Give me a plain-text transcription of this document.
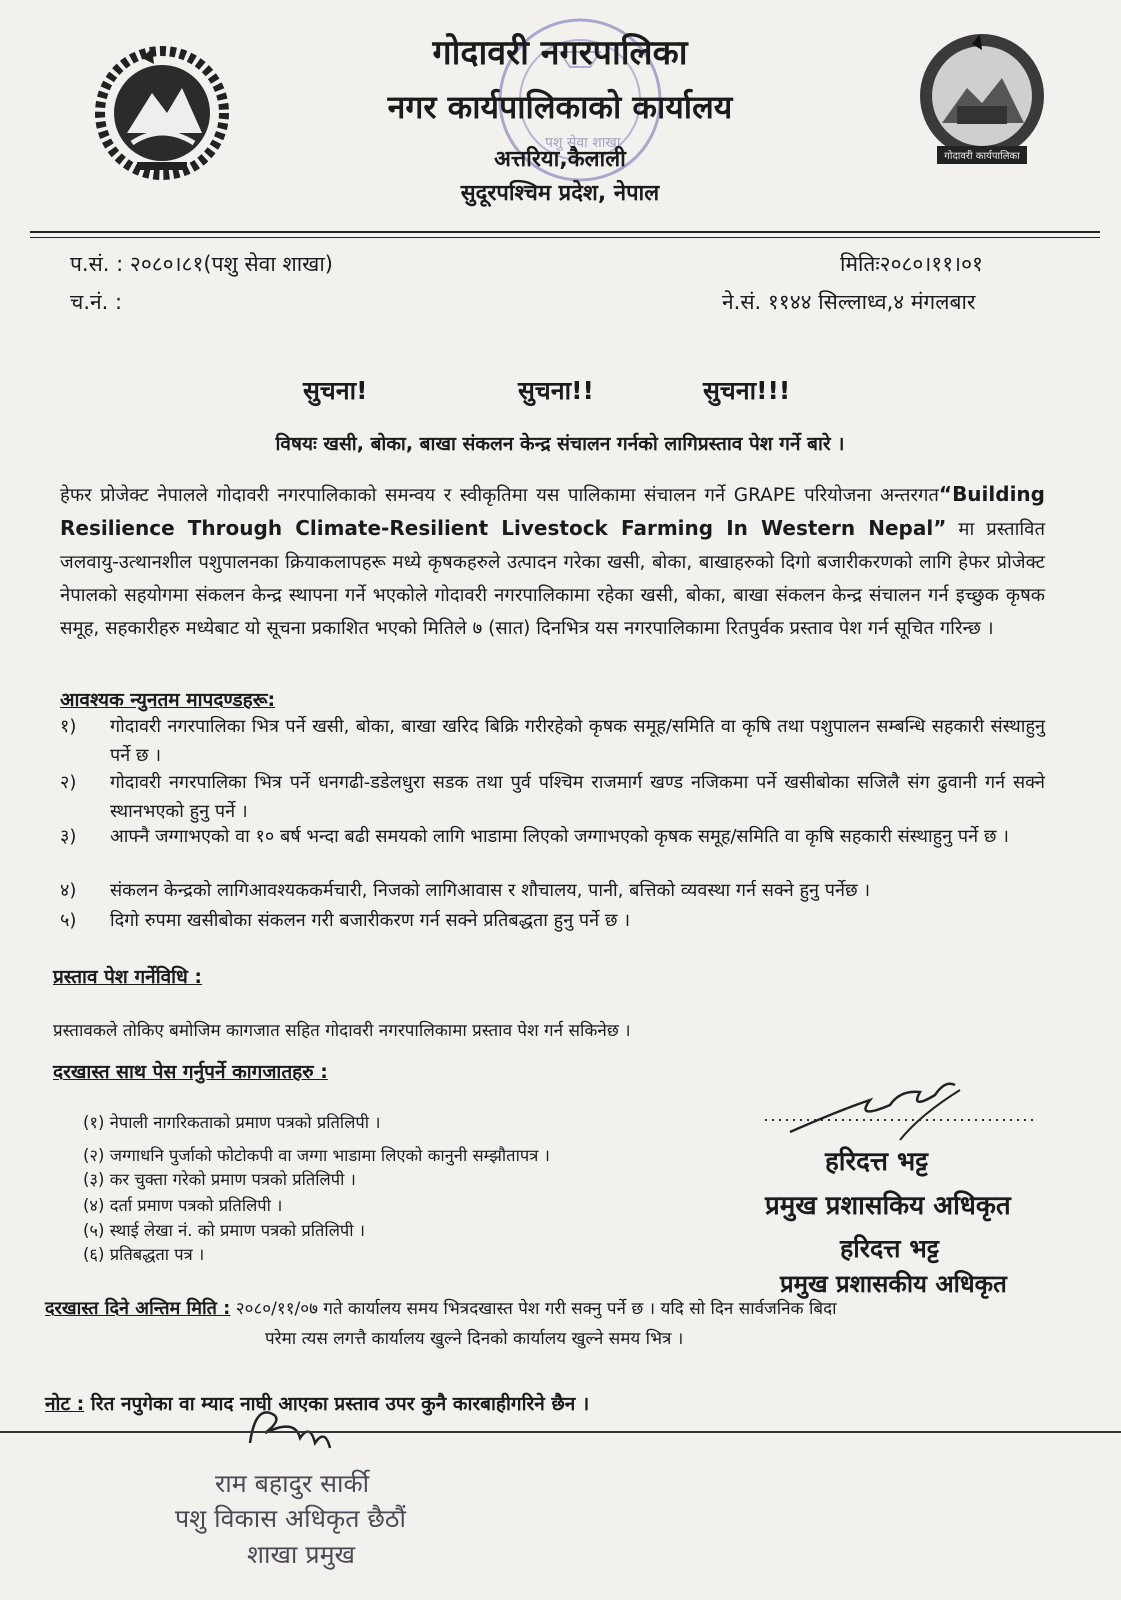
पशु सेवा शाखा
गोदावरी कार्यपालिका
गोदावरी नगरपालिका
नगर कार्यपालिकाको कार्यालय
अत्तरिया,कैलाली
सुदूरपश्चिम प्रदेश, नेपाल
प.सं. : २०८०।८१(पशु सेवा शाखा)
च.नं. :
मितिः२०८०।११।०१
ने.सं. ११४४ सिल्लाध्व,४ मंगलबार
सुचना!	सुचना!!	सुचना!!!
विषयः खसी, बोका, बाखा संकलन केन्द्र संचालन गर्नको लागिप्रस्ताव पेश गर्ने बारे ।
हेफर प्रोजेक्ट नेपालले गोदावरी नगरपालिकाको समन्वय र स्वीकृतिमा यस पालिकामा संचालन गर्ने GRAPE परियोजना अन्तरगत“Building Resilience Through Climate-Resilient Livestock Farming In Western Nepal” मा प्रस्तावित जलवायु-उत्थानशील पशुपालनका क्रियाकलापहरू मध्ये कृषकहरुले उत्पादन गरेका खसी, बोका, बाखाहरुको दिगो बजारीकरणको लागि हेफर प्रोजेक्ट नेपालको सहयोगमा संकलन केन्द्र स्थापना गर्ने भएकोले गोदावरी नगरपालिकामा रहेका खसी, बोका, बाखा संकलन केन्द्र संचालन गर्न इच्छुक कृषक समूह, सहकारीहरु मध्येबाट यो सूचना प्रकाशित भएको मितिले ७ (सात) दिनभित्र यस नगरपालिकामा रितपुर्वक प्रस्ताव पेश गर्न सूचित गरिन्छ ।
आवश्यक न्युनतम मापदण्डहरू:
१)	गोदावरी नगरपालिका भित्र पर्ने खसी, बोका, बाखा खरिद बिक्रि गरीरहेको कृषक समूह/समिति वा कृषि तथा पशुपालन सम्बन्धि सहकारी संस्थाहुनु पर्ने छ ।
२)	गोदावरी नगरपालिका भित्र पर्ने धनगढी-डडेलधुरा सडक तथा पुर्व पश्चिम राजमार्ग खण्ड नजिकमा पर्ने खसीबोका सजिलै संग ढुवानी गर्न सक्ने स्थानभएको हुनु पर्ने ।
३)	आफ्नै जग्गाभएको वा १० बर्ष भन्दा बढी समयको लागि भाडामा लिएको जग्गाभएको कृषक समूह/समिति वा कृषि सहकारी संस्थाहुनु पर्ने छ ।
४)	संकलन केन्द्रको लागिआवश्यककर्मचारी, निजको लागिआवास र शौचालय, पानी, बत्तिको व्यवस्था गर्न सक्ने हुनु पर्नेछ ।
५)	दिगो रुपमा खसीबोका संकलन गरी बजारीकरण गर्न सक्ने प्रतिबद्धता हुनु पर्ने छ ।
प्रस्ताव पेश गर्नेविधि :
प्रस्तावकले तोकिए बमोजिम कागजात सहित गोदावरी नगरपालिकामा प्रस्ताव पेश गर्न सकिनेछ ।
दरखास्त साथ पेस गर्नुपर्ने कागजातहरु :
(१) नेपाली नागरिकताको प्रमाण पत्रको प्रतिलिपी ।
(२) जग्गाधनि पुर्जाको फोटोकपी वा जग्गा भाडामा लिएको कानुनी सम्झौतापत्र ।
(३) कर चुक्ता गरेको प्रमाण पत्रको प्रतिलिपी ।
(४) दर्ता प्रमाण पत्रको प्रतिलिपी ।
(५) स्थाई लेखा नं. को प्रमाण पत्रको प्रतिलिपी ।
(६) प्रतिबद्धता पत्र ।
हरिदत्त भट्ट
प्रमुख प्रशासकिय अधिकृत
हरिदत्त भट्ट
प्रमुख प्रशासकीय अधिकृत
दरखास्त दिने अन्तिम मिति : २०८०/११/०७ गते कार्यालय समय भित्रदखास्त पेश गरी सक्नु पर्ने छ । यदि सो दिन सार्वजनिक बिदा
परेमा त्यस लगत्तै कार्यालय खुल्ने दिनको कार्यालय खुल्ने समय भित्र ।
नोट : रित नपुगेका वा म्याद नाघी आएका प्रस्ताव उपर कुनै कारबाहीगरिने छैन ।
राम बहादुर सार्की
पशु विकास अधिकृत छैठौं
शाखा प्रमुख
